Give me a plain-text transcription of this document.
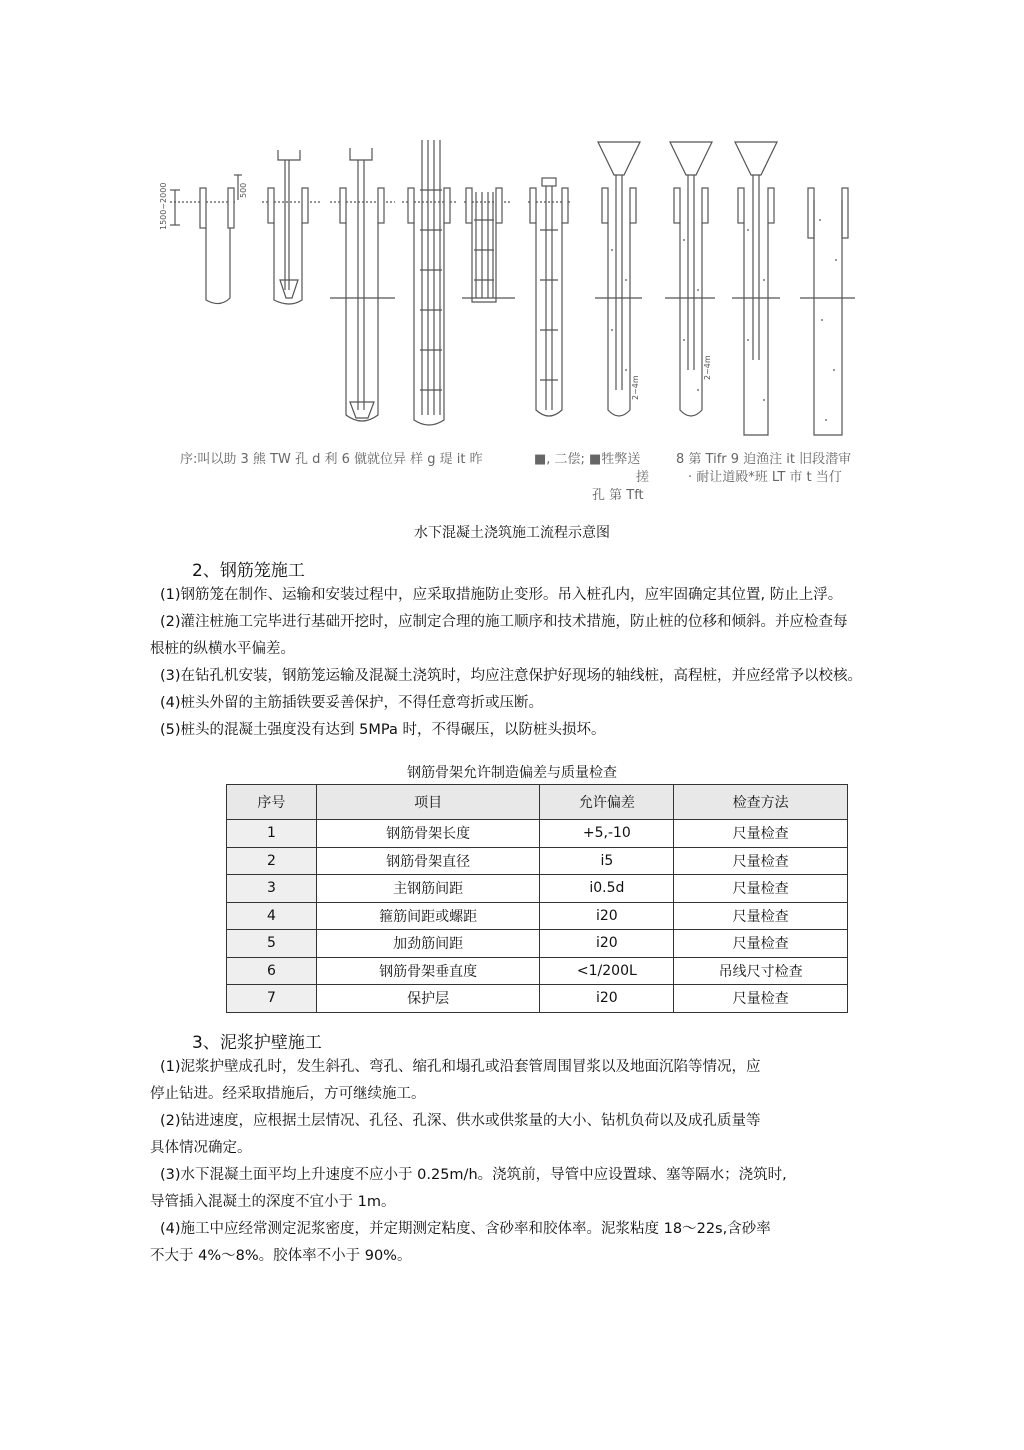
1500~2000	500
2~4m
2~4m
序:叫以助 3 熊 TW 孔 d 利 6 僦就位异 样 g 瑅 it 昨	■, 二偿; ■牲弊送
搓
孔 第 Tft
8 第 Tifr 9 迫渔注 it 旧段潜审
· 耐让道殿*班 LT 市 t 当仃
水下混凝土浇筑施工流程示意图
2、钢筋笼施工
(1)钢筋笼在制作、运输和安装过程中，应采取措施防止变形。吊入桩孔内，应牢固确定其位置, 防止上浮。
(2)灌注桩施工完毕进行基础开挖时，应制定合理的施工顺序和技术措施，防止桩的位移和倾斜。并应检查每
根桩的纵横水平偏差。
(3)在钻孔机安装，钢筋笼运输及混凝土浇筑时，均应注意保护好现场的轴线桩，高程桩，并应经常予以校核。
(4)桩头外留的主筋插铁要妥善保护，不得任意弯折或压断。
(5)桩头的混凝土强度没有达到 5MPa 时，不得碾压，以防桩头损坏。
钢筋骨架允许制造偏差与质量检查
序号	项目	允许偏差	检查方法
1	钢筋骨架长度	+5,-10	尺量检查
2	钢筋骨架直径	i5	尺量检查
3	主钢筋间距	i0.5d	尺量检查
4	箍筋间距或螺距	i20	尺量检查
5	加劲筋间距	i20	尺量检查
6	钢筋骨架垂直度	<1/200L	吊线尺寸检查
7	保护层	i20	尺量检查
3、泥浆护壁施工
(1)泥浆护壁成孔时，发生斜孔、弯孔、缩孔和塌孔或沿套管周围冒浆以及地面沉陷等情况，应
停止钻进。经采取措施后，方可继续施工。
(2)钻进速度，应根据土层情况、孔径、孔深、供水或供浆量的大小、钻机负荷以及成孔质量等
具体情况确定。
(3)水下混凝土面平均上升速度不应小于 0.25m/h。浇筑前，导管中应设置球、塞等隔水；浇筑时,
导管插入混凝土的深度不宜小于 1m。
(4)施工中应经常测定泥浆密度，并定期测定粘度、含砂率和胶体率。泥浆粘度 18～22s,含砂率
不大于 4%～8%。胶体率不小于 90%。
